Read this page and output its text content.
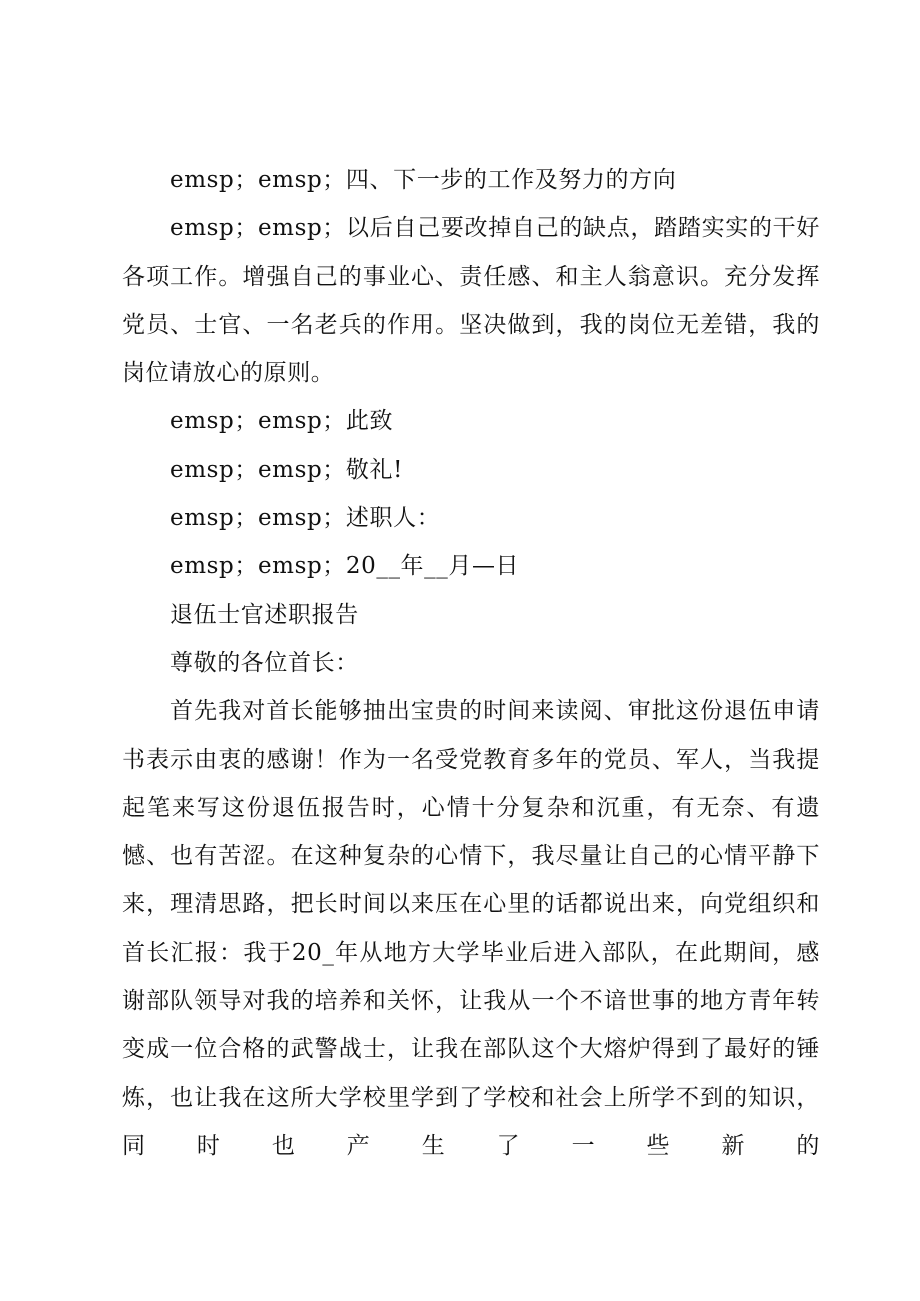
emsp；emsp；四、下一步的工作及努力的方向

emsp；emsp；以后自己要改掉自己的缺点，踏踏实实的干好各项工作。增强自己的事业心、责任感、和主人翁意识。充分发挥党员、士官、一名老兵的作用。坚决做到，我的岗位无差错，我的岗位请放心的原则。

emsp；emsp；此致

emsp；emsp；敬礼!

emsp；emsp；述职人：

emsp；emsp；20__年__月—日

退伍士官述职报告

尊敬的各位首长：

首先我对首长能够抽出宝贵的时间来读阅、审批这份退伍申请书表示由衷的感谢！作为一名受党教育多年的党员、军人，当我提起笔来写这份退伍报告时，心情十分复杂和沉重，有无奈、有遗憾、也有苦涩。在这种复杂的心情下，我尽量让自己的心情平静下来，理清思路，把长时间以来压在心里的话都说出来，向党组织和首长汇报：我于20_年从地方大学毕业后进入部队，在此期间，感谢部队领导对我的培养和关怀，让我从一个不谙世事的地方青年转变成一位合格的武警战士，让我在部队这个大熔炉得到了最好的锤炼，也让我在这所大学校里学到了学校和社会上所学不到的知识，同时也产生了一些新的
